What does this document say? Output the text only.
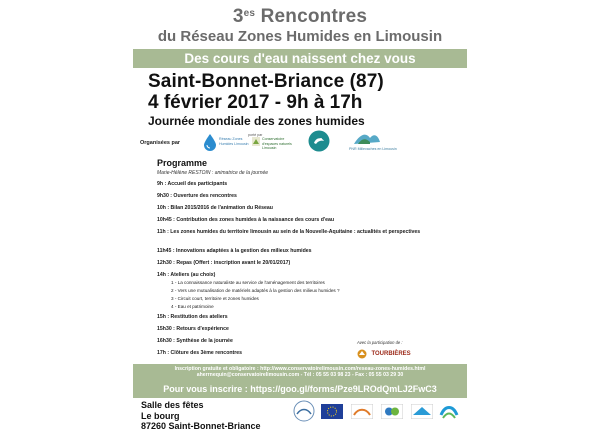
$3^{es}$ Rencontres
du Réseau Zones Humides en Limousin
Des cours d'eau naissent chez vous
Saint-Bonnet-Briance (87)
4 février 2017 - 9h à 17h
Journée mondiale des zones humides
Organisées par
Réseau Zones Humides Limousin
porté par
Conservatoire d'espaces naturels Limousin	PNR Millevaches en Limousin
Programme
Marie-Hélène RESTOIN : animatrice de la journée
9h : Accueil des participants
9h30 : Ouverture des rencontres
10h : Bilan 2015/2016 de l'animation du Réseau
10h45 : Contribution des zones humides à la naissance des cours d'eau
11h : Les zones humides du territoire limousin au sein de la Nouvelle-Aquitaine : actualités et perspectives
11h45 : Innovations adaptées à la gestion des milieux humides
12h30 : Repas (Offert : inscription avant le 20/01/2017)
14h : Ateliers (au choix)
1 - La connaissance naturaliste au service de l'aménagement des territoires
2 - Vers une mutualisation de matériels adaptés à la gestion des milieux humides ?
3 - Circuit court, territoire et zones humides
4 - Eau et patrimoine
15h : Restitution des ateliers
15h30 : Retours d'expérience
16h30 : Synthèse de la journée
17h : Clôture des 3ème rencontres
Avec la participation de :
TOURBIÈRES
Inscription gratuite et obligatoire : http://www.conservatoirelimousin.com/reseau-zones-humides.html
aherrnequin@conservatoirelimousin.com - Tél : 05 55 03 98 23 - Fax : 05 55 03 29 30
Pour vous inscrire : https://goo.gl/forms/Pze9LROdQmLJ2FwC3
Salle des fêtes
Le bourg
87260 Saint-Bonnet-Briance
